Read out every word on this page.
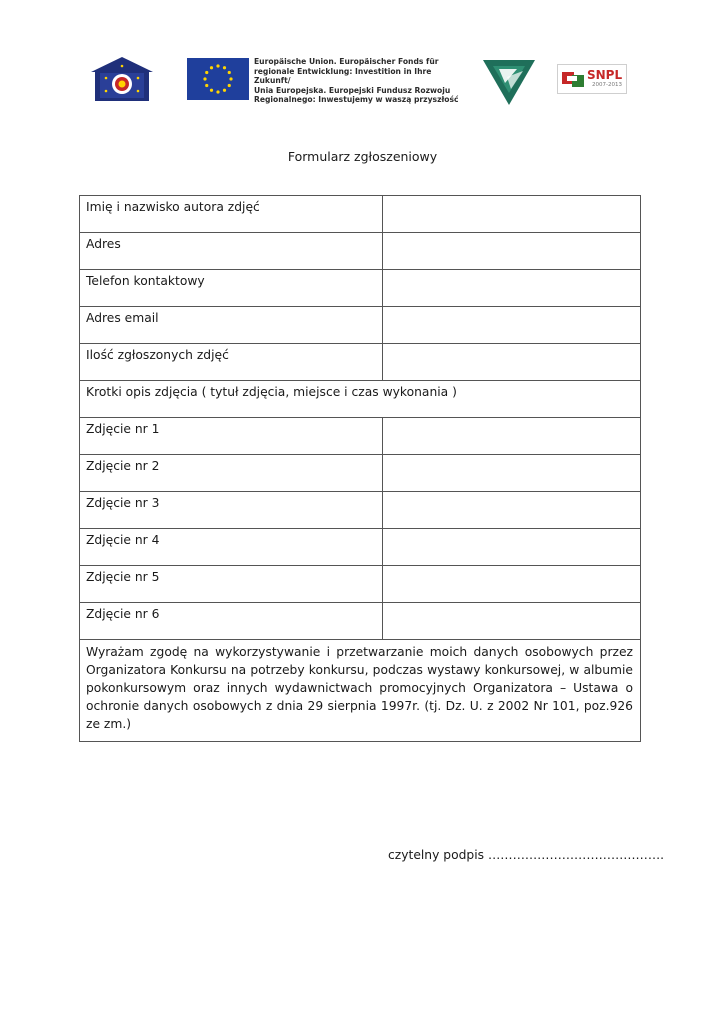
Europäische Union. Europäischer Fonds für
regionale Entwicklung: Investition in Ihre Zukunft/
Unia Europejska. Europejski Fundusz Rozwoju
Regionalnego: Inwestujemy w waszą przyszłość
SNPL
2007-2013
Formularz zgłoszeniowy
Imię i nazwisko autora zdjęć	
Adres	
Telefon kontaktowy	
Adres email	
Ilość zgłoszonych zdjęć	
Krotki opis zdjęcia ( tytuł zdjęcia, miejsce i czas wykonania )	
Zdjęcie nr 1	
Zdjęcie nr 2	
Zdjęcie nr 3	
Zdjęcie nr 4	
Zdjęcie nr 5	
Zdjęcie nr 6	
Wyrażam zgodę na wykorzystywanie i przetwarzanie moich danych osobowych przez Organizatora Konkursu na potrzeby konkursu, podczas wystawy konkursowej, w albumie pokonkursowym oraz innych wydawnictwach promocyjnych Organizatora – Ustawa o ochronie danych osobowych z dnia 29 sierpnia 1997r. (tj. Dz. U. z 2002 Nr 101, poz.926 ze zm.)	
czytelny podpis …………………………………….
